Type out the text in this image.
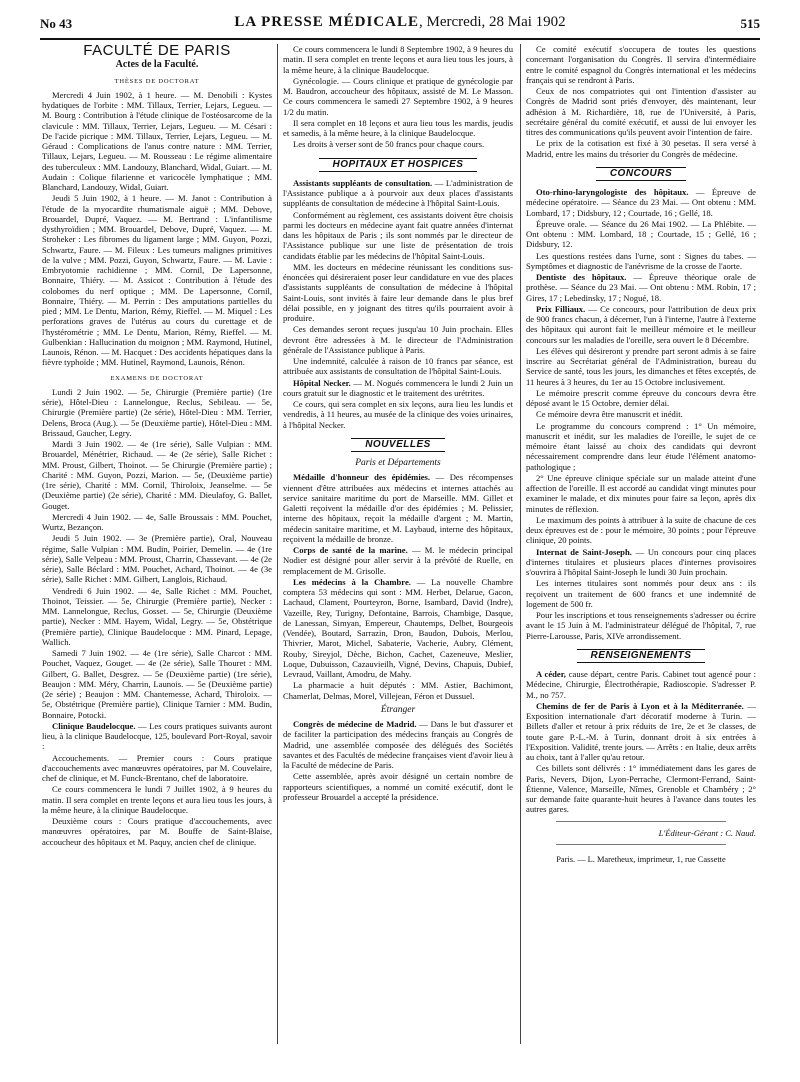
No 43	LA PRESSE MÉDICALE, Mercredi, 28 Mai 1902	515
FACULTÉ DE PARIS
Actes de la Faculté.
THÈSES DE DOCTORAT

Mercredi 4 Juin 1902, à 1 heure. — M. Denobili : Kystes hydatiques de l'orbite : MM. Tillaux, Terrier, Lejars, Legueu. — M. Bourg : Contribution à l'étude clinique de l'ostéosarcome de la clavicule : MM. Tillaux, Terrier, Lejars, Legueu. — M. Césari : De l'acide picrique : MM. Tillaux, Terrier, Lejars, Legueu. — M. Géraud : Complications de l'anus contre nature : MM. Terrier, Tillaux, Lejars, Legueu. — M. Rousseau : Le régime alimentaire des tuberculeux : MM. Landouzy, Blanchard, Widal, Guiart. — M. Audain : Colique filarienne et varicocèle lymphatique ; MM. Blanchard, Landouzy, Widal, Guiart.

Jeudi 5 Juin 1902, à 1 heure. — M. Janot : Contribution à l'étude de la myocardite rhumatismale aiguë ; MM. Debove, Brouardel, Dupré, Vaquez. — M. Bertrand : L'infantilisme dysthyroïdien ; MM. Brouardel, Debove, Dupré, Vaquez. — M. Stroheker : Les fibromes du ligament large ; MM. Guyon, Pozzi, Schwartz, Faure. — M. Fileux : Les tumeurs malignes primitives de la vulve ; MM. Pozzi, Guyon, Schwartz, Faure. — M. Lavie : Embryotomie rachidienne ; MM. Cornil, De Lapersonne, Bonnaire, Thiéry. — M. Assicot : Contribution à l'étude des colobomes du nerf optique ; MM. De Lapersonne, Cornil, Bonnaire, Thiéry. — M. Perrin : Des amputations partielles du pied ; MM. Le Dentu, Marion, Rémy, Rieffel. — M. Miquel : Les perforations graves de l'utérus au cours du curettage et de l'hystérométrie ; MM. Le Dentu, Marion, Rémy, Rieffel. — M. Gulbenkian : Hallucination du moignon ; MM. Raymond, Hutinel, Launois, Rénon. — M. Hacquet : Des accidents hépatiques dans la fièvre typhoïde ; MM. Hutinel, Raymond, Launois, Rénon.

EXAMENS DE DOCTORAT

Lundi 2 Juin 1902. — 5e, Chirurgie (Première partie) (1re série), Hôtel-Dieu : Lannelongue, Reclus, Sebileau. — 5e, Chirurgie (Première partie) (2e série), Hôtel-Dieu : MM. Terrier, Delens, Broca (Aug.). — 5e (Deuxième partie), Hôtel-Dieu : MM. Brissaud, Gaucher, Legry.

Mardi 3 Juin 1902. — 4e (1re série), Salle Vulpian : MM. Brouardel, Ménétrier, Richaud. — 4e (2e série), Salle Richet : MM. Proust, Gilbert, Thoinot. — 5e Chirurgie (Première partie) ; Charité : MM. Guyon, Pozzi, Marion. — 5e, (Deuxième partie) (1re série), Charité : MM. Cornil, Thiroloix, Jeanselme. — 5e (Deuxième partie) (2e série), Charité : MM. Dieulafoy, G. Ballet, Gouget.

Mercredi 4 Juin 1902. — 4e, Salle Broussais : MM. Pouchet, Wurtz, Bezançon.

Jeudi 5 Juin 1902. — 3e (Première partie), Oral, Nouveau régime, Salle Vulpian : MM. Budin, Poirier, Demelin. — 4e (1re série), Salle Velpeau : MM. Proust, Charrin, Chassevant. — 4e (2e série), Salle Béclard : MM. Pouchet, Achard, Thoinot. — 4e (3e série), Salle Richet : MM. Gilbert, Langlois, Richaud.

Vendredi 6 Juin 1902. — 4e, Salle Richet : MM. Pouchet, Thoinot, Teissier. — 5e, Chirurgie (Première partie), Necker : MM. Lannelongue, Reclus, Gosset. — 5e, Chirurgie (Deuxième partie), Necker : MM. Hayem, Widal, Legry. — 5e, Obstétrique (Première partie), Clinique Baudelocque : MM. Pinard, Lepage, Wallich.

Samedi 7 Juin 1902. — 4e (1re série), Salle Charcot : MM. Pouchet, Vaquez, Gouget. — 4e (2e série), Salle Thouret : MM. Gilbert, G. Ballet, Desgrez. — 5e (Deuxième partie) (1re série), Beaujon : MM. Méry, Charrin, Launois. — 5e (Deuxième partie) (2e série) ; Beaujon : MM. Chantemesse, Achard, Thiroloix. — 5e, Obstétrique (Première partie), Clinique Tarnier : MM. Budin, Bonnaire, Potocki.

Clinique Baudelocque. — Les cours pratiques suivants auront lieu, à la clinique Baudelocque, 125, boulevard Port-Royal, savoir :

Accouchements. — Premier cours : Cours pratique d'accouchements avec manœuvres opératoires, par M. Couvelaire, chef de clinique, et M. Funck-Brentano, chef de laboratoire.

Ce cours commencera le lundi 7 Juillet 1902, à 9 heures du matin. Il sera complet en trente leçons et aura lieu tous les jours, à la même heure, à la clinique Baudelocque.

Deuxième cours : Cours pratique d'accouchements, avec manœuvres opératoires, par M. Bouffe de Saint-Blaise, accoucheur des hôpitaux et M. Paquy, ancien chef de clinique.

Ce cours commencera le lundi 8 Septembre 1902, à 9 heures du matin. Il sera complet en trente leçons et aura lieu tous les jours, à la même heure, à la clinique Baudelocque.

Gynécologie. — Cours clinique et pratique de gynécologie par M. Baudron, accoucheur des hôpitaux, assisté de M. Le Masson. Ce cours commencera le samedi 27 Septembre 1902, à 9 heures 1/2 du matin.

Il sera complet en 18 leçons et aura lieu tous les mardis, jeudis et samedis, à la même heure, à la clinique Baudelocque.

Les droits à verser sont de 50 francs pour chaque cours.

HOPITAUX ET HOSPICES

Assistants suppléants de consultation. — L'administration de l'Assistance publique a à pourvoir aux deux places d'assistants suppléants de consultation de médecine à l'hôpital Saint-Louis.

Conformément au règlement, ces assistants doivent être choisis parmi les docteurs en médecine ayant fait quatre années d'internat dans les hôpitaux de Paris ; ils sont nommés par le directeur de l'Assistance publique sur une liste de présentation de trois candidats établie par les médecins de l'hôpital Saint-Louis.

MM. les docteurs en médecine réunissant les conditions sus-énoncées qui désireraient poser leur candidature en vue des places d'assistants suppléants de consultation de médecine à l'hôpital Saint-Louis, sont invités à faire leur demande dans le plus bref délai possible, en y joignant des titres qu'ils pourraient avoir à produire.

Ces demandes seront reçues jusqu'au 10 Juin prochain. Elles devront être adressées à M. le directeur de l'Administration générale de l'Assistance publique à Paris.

Une indemnité, calculée à raison de 10 francs par séance, est attribuée aux assistants de consultation de l'hôpital Saint-Louis.

Hôpital Necker. — M. Nogués commencera le lundi 2 Juin un cours gratuit sur le diagnostic et le traitement des urétrites.

Ce cours, qui sera complet en six leçons, aura lieu les lundis et vendredis, à 11 heures, au musée de la clinique des voies urinaires, à l'hôpital Necker.

NOUVELLES
Paris et Départements

Médaille d'honneur des épidémies. — Des récompenses viennent d'être attribuées aux médecins et internes attachés au service sanitaire maritime du port de Marseille. MM. Gillet et Galetti reçoivent la médaille d'or des épidémies ; M. Pelissier, interne des hôpitaux, reçoit la médaille d'argent ; M. Martin, médecin sanitaire maritime, et M. Laybaud, interne des hôpitaux, reçoivent la médaille de bronze.

Corps de santé de la marine. — M. le médecin principal Nodier est désigné pour aller servir à la prévôté de Ruelle, en remplacement de M. Grisolle.

Les médecins à la Chambre. — La nouvelle Chambre comptera 53 médecins qui sont : MM. Herbet, Delarue, Gacon, Lachaud, Clament, Pourteyron, Borne, Isambard, David (Indre), Vazeille, Rey, Turigny, Defontaine, Barrois, Chambige, Dasque, de Lanessan, Simyan, Empereur, Chautemps, Delbet, Bourgeois (Vendée), Boutard, Sarrazin, Dron, Baudon, Dubois, Merlou, Thivrier, Marot, Michel, Sabaterie, Vacherie, Aubry, Clément, Rouby, Sireyjol, Dèche, Bichon, Cachet, Cazeneuve, Meslier, Loque, Dubuisson, Cazauvieilh, Vigné, Devins, Chapuis, Dubief, Levraud, Vaillant, Amodru, de Mahy.

La pharmacie a huit députés : MM. Astier, Bachimont, Chamerlat, Delmas, Morel, Villejean, Féron et Dussuel.

Étranger

Congrès de médecine de Madrid. — Dans le but d'assurer et de faciliter la participation des médecins français au Congrès de Madrid, une assemblée composée des délégués des Sociétés savantes et des Facultés de médecine françaises vient d'avoir lieu à la Faculté de médecine de Paris.

Cette assemblée, après avoir désigné un certain nombre de rapporteurs scientifiques, a nommé un comité exécutif, dont le professeur Brouardel a accepté la présidence.

Ce comité exécutif s'occupera de toutes les questions concernant l'organisation du Congrès. Il servira d'intermédiaire entre le comité espagnol du Congrès international et les médecins français qui se rendront à Paris.

Ceux de nos compatriotes qui ont l'intention d'assister au Congrès de Madrid sont priés d'envoyer, dès maintenant, leur adhésion à M. Richardière, 18, rue de l'Université, à Paris, secrétaire général du comité exécutif, et aussi de lui envoyer les titres des communications qu'ils peuvent avoir l'intention de faire.

Le prix de la cotisation est fixé à 30 pesetas. Il sera versé à Madrid, entre les mains du trésorier du Congrès de médecine.

CONCOURS

Oto-rhino-laryngologiste des hôpitaux. — Épreuve de médecine opératoire. — Séance du 23 Mai. — Ont obtenu : MM. Lombard, 17 ; Didsbury, 12 ; Courtade, 16 ; Gellé, 18.

Épreuve orale. — Séance du 26 Mai 1902. — La Phlébite. — Ont obtenu : MM. Lombard, 18 ; Courtade, 15 ; Gellé, 16 ; Didsbury, 12.

Les questions restées dans l'urne, sont : Signes du tabes. — Symptômes et diagnostic de l'anévrisme de la crosse de l'aorte.

Dentiste des hôpitaux. — Épreuve théorique orale de prothèse. — Séance du 23 Mai. — Ont obtenu : MM. Robin, 17 ; Gires, 17 ; Lebedinsky, 17 ; Nogué, 18.

Prix Filliaux. — Ce concours, pour l'attribution de deux prix de 900 francs chacun, à décerner, l'un à l'interne, l'autre à l'externe des hôpitaux qui auront fait le meilleur mémoire et le meilleur concours sur les maladies de l'oreille, sera ouvert le 8 Décembre.

Les élèves qui désireront y prendre part seront admis à se faire inscrire au Secrétariat général de l'Administration, bureau du Service de santé, tous les jours, les dimanches et fêtes exceptés, de 11 heures à 3 heures, du 1er au 15 Octobre inclusivement.

Le mémoire prescrit comme épreuve du concours devra être déposé avant le 15 Octobre, dernier délai.

Ce mémoire devra être manuscrit et inédit.

Le programme du concours comprend : 1° Un mémoire, manuscrit et inédit, sur les maladies de l'oreille, le sujet de ce mémoire étant laissé au choix des candidats qui devront nécessairement comprendre dans leur étude l'élément anatomo-pathologique ;

2° Une épreuve clinique spéciale sur un malade atteint d'une affection de l'oreille. Il est accordé au candidat vingt minutes pour examiner le malade, et dix minutes pour faire sa leçon, après dix minutes de réflexion.

Le maximum des points à attribuer à la suite de chacune de ces deux épreuves est de : pour le mémoire, 30 points ; pour l'épreuve clinique, 20 points.

Internat de Saint-Joseph. — Un concours pour cinq places d'internes titulaires et plusieurs places d'internes provisoires s'ouvrira à l'hôpital Saint-Joseph le lundi 30 Juin prochain.

Les internes titulaires sont nommés pour deux ans : ils reçoivent un traitement de 600 francs et une indemnité de logement de 500 fr.

Pour les inscriptions et tous renseignements s'adresser ou écrire avant le 15 Juin à M. l'administrateur délégué de l'hôpital, 7, rue Pierre-Larousse, Paris, XIVe arrondissement.

RENSEIGNEMENTS

A céder, cause départ, centre Paris. Cabinet tout agencé pour : Médecine, Chirurgie, Électrothérapie, Radioscopie. S'adresser P. M., no 757.

Chemins de fer de Paris à Lyon et à la Méditerranée. — Exposition internationale d'art décoratif moderne à Turin. — Billets d'aller et retour à prix réduits de 1re, 2e et 3e classes, de toute gare P.-L.-M. à Turin, donnant droit à six entrées à l'Exposition. Validité, trente jours. — Arrêts : en Italie, deux arrêts au choix, tant à l'aller qu'au retour.

Ces billets sont délivrés : 1° immédiatement dans les gares de Paris, Nevers, Dijon, Lyon-Perrache, Clermont-Ferrand, Saint-Étienne, Valence, Marseille, Nîmes, Grenoble et Chambéry ; 2° sur demande faite quarante-huit heures à l'avance dans toutes les autres gares.

L'Éditeur-Gérant : C. Naud.
Paris. — L. Maretheux, imprimeur, 1, rue Cassette
